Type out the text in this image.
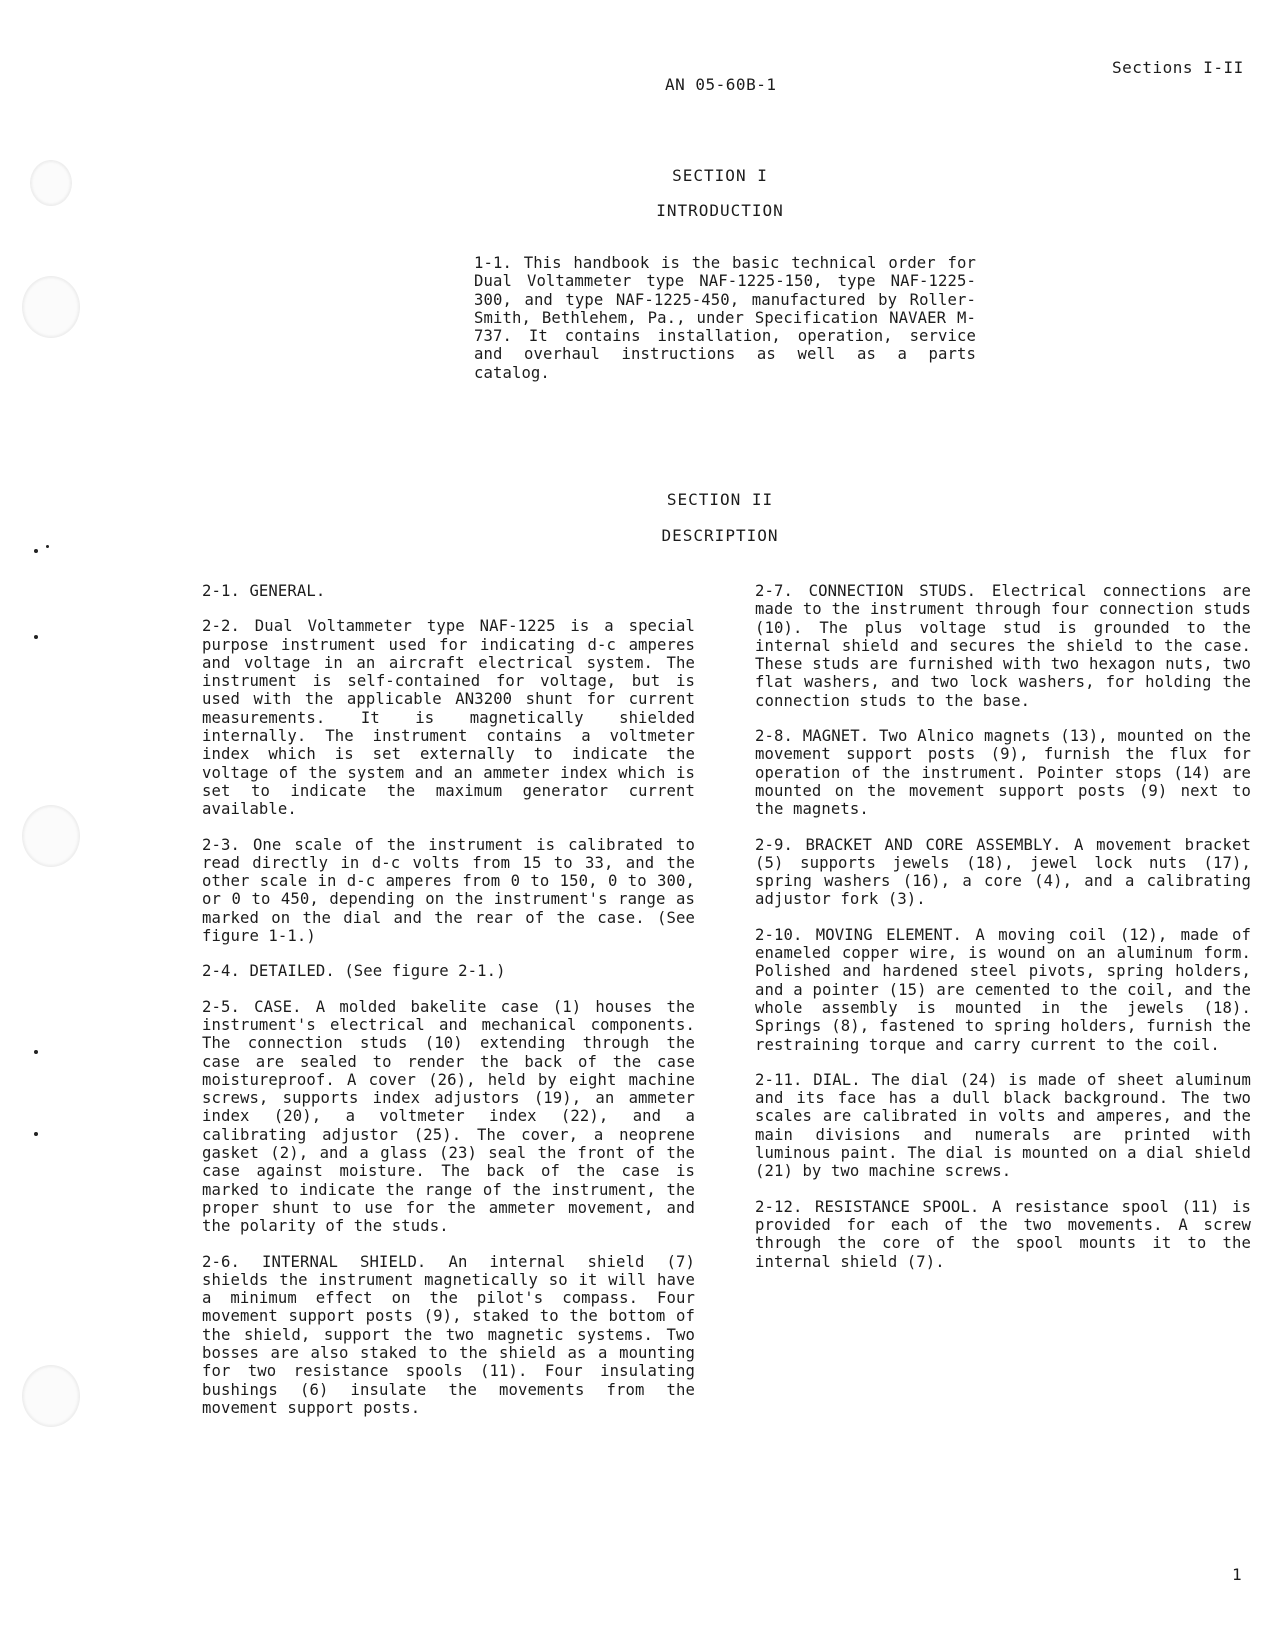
AN 05-60B-1
Sections I-II
SECTION I
INTRODUCTION

1-1. This handbook is the basic technical order for Dual Voltammeter type NAF-1225-150, type NAF-1225-300, and type NAF-1225-450, manufactured by Roller-Smith, Bethlehem, Pa., under Specification NAVAER M-737. It contains installation, operation, service and overhaul instructions as well as a parts catalog.

SECTION II
DESCRIPTION

2-1. GENERAL.

2-2. Dual Voltammeter type NAF-1225 is a special purpose instrument used for indicating d-c amperes and voltage in an aircraft electrical system. The instrument is self-contained for voltage, but is used with the applicable AN3200 shunt for current measurements. It is magnetically shielded internally. The instrument contains a voltmeter index which is set externally to indicate the voltage of the system and an ammeter index which is set to indicate the maximum generator current available.

2-3. One scale of the instrument is calibrated to read directly in d-c volts from 15 to 33, and the other scale in d-c amperes from 0 to 150, 0 to 300, or 0 to 450, depending on the instrument's range as marked on the dial and the rear of the case. (See figure 1-1.)

2-4. DETAILED. (See figure 2-1.)

2-5. CASE. A molded bakelite case (1) houses the instrument's electrical and mechanical components. The connection studs (10) extending through the case are sealed to render the back of the case moistureproof. A cover (26), held by eight machine screws, supports index adjustors (19), an ammeter index (20), a voltmeter index (22), and a calibrating adjustor (25). The cover, a neoprene gasket (2), and a glass (23) seal the front of the case against moisture. The back of the case is marked to indicate the range of the instrument, the proper shunt to use for the ammeter movement, and the polarity of the studs.

2-6. INTERNAL SHIELD. An internal shield (7) shields the instrument magnetically so it will have a minimum effect on the pilot's compass. Four movement support posts (9), staked to the bottom of the shield, support the two magnetic systems. Two bosses are also staked to the shield as a mounting for two resistance spools (11). Four insulating bushings (6) insulate the movements from the movement support posts.

2-7. CONNECTION STUDS. Electrical connections are made to the instrument through four connection studs (10). The plus voltage stud is grounded to the internal shield and secures the shield to the case. These studs are furnished with two hexagon nuts, two flat washers, and two lock washers, for holding the connection studs to the base.

2-8. MAGNET. Two Alnico magnets (13), mounted on the movement support posts (9), furnish the flux for operation of the instrument. Pointer stops (14) are mounted on the movement support posts (9) next to the magnets.

2-9. BRACKET AND CORE ASSEMBLY. A movement bracket (5) supports jewels (18), jewel lock nuts (17), spring washers (16), a core (4), and a calibrating adjustor fork (3).

2-10. MOVING ELEMENT. A moving coil (12), made of enameled copper wire, is wound on an aluminum form. Polished and hardened steel pivots, spring holders, and a pointer (15) are cemented to the coil, and the whole assembly is mounted in the jewels (18). Springs (8), fastened to spring holders, furnish the restraining torque and carry current to the coil.

2-11. DIAL. The dial (24) is made of sheet aluminum and its face has a dull black background. The two scales are calibrated in volts and amperes, and the main divisions and numerals are printed with luminous paint. The dial is mounted on a dial shield (21) by two machine screws.

2-12. RESISTANCE SPOOL. A resistance spool (11) is provided for each of the two movements. A screw through the core of the spool mounts it to the internal shield (7).

1
